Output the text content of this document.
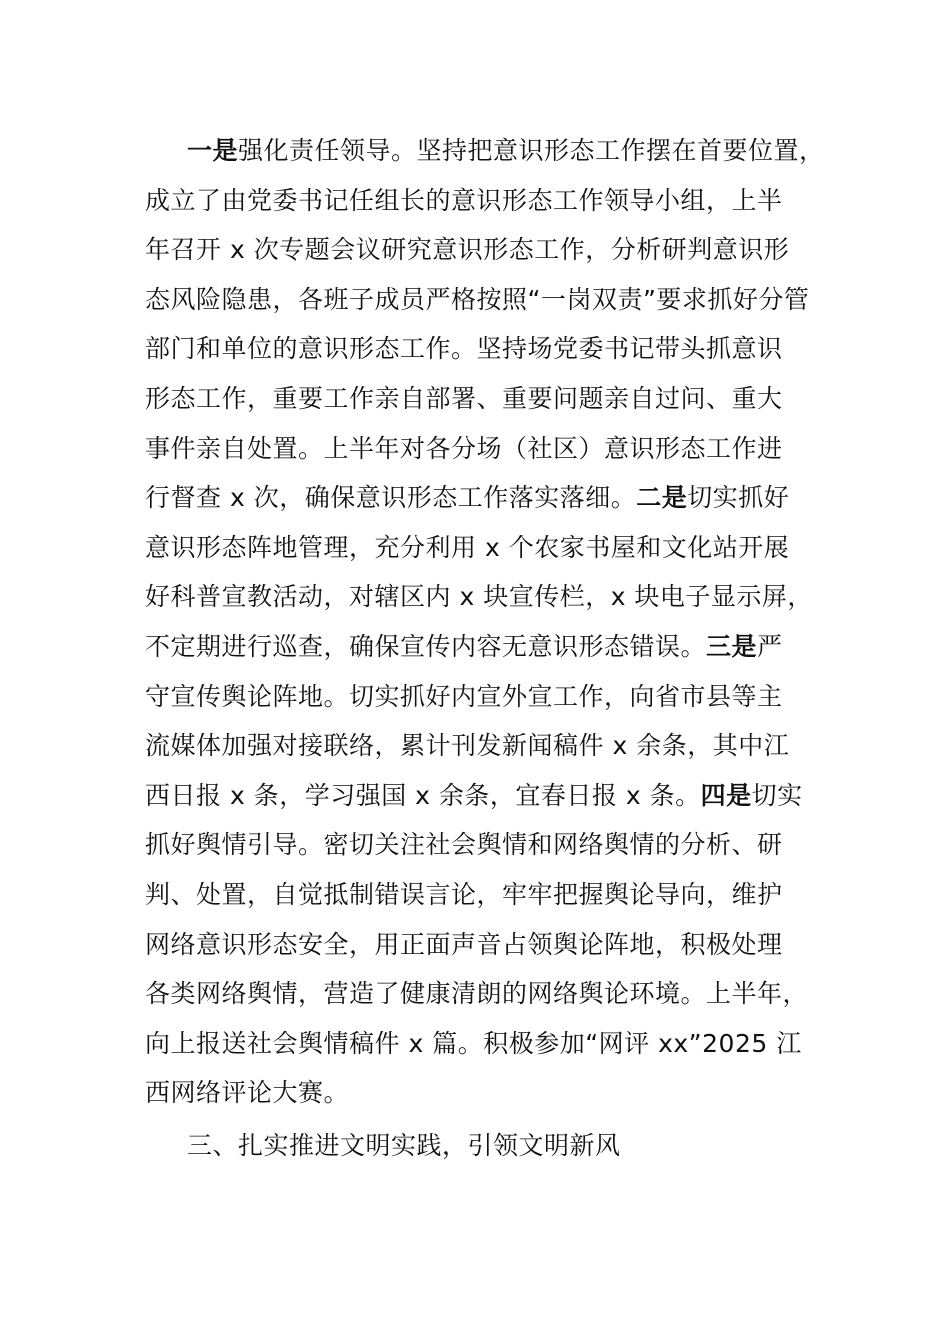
一是强化责任领导。坚持把意识形态工作摆在首要位置，
成立了由党委书记任组长的意识形态工作领导小组，上半
年召开 x 次专题会议研究意识形态工作，分析研判意识形
态风险隐患，各班子成员严格按照“一岗双责”要求抓好分管
部门和单位的意识形态工作。坚持场党委书记带头抓意识
形态工作，重要工作亲自部署、重要问题亲自过问、重大
事件亲自处置。上半年对各分场（社区）意识形态工作进
行督查 x 次，确保意识形态工作落实落细。二是切实抓好
意识形态阵地管理，充分利用 x 个农家书屋和文化站开展
好科普宣教活动，对辖区内 x 块宣传栏，x 块电子显示屏，
不定期进行巡查，确保宣传内容无意识形态错误。三是严
守宣传舆论阵地。切实抓好内宣外宣工作，向省市县等主
流媒体加强对接联络，累计刊发新闻稿件 x 余条，其中江
西日报 x 条，学习强国 x 余条，宜春日报 x 条。四是切实
抓好舆情引导。密切关注社会舆情和网络舆情的分析、研
判、处置，自觉抵制错误言论，牢牢把握舆论导向，维护
网络意识形态安全，用正面声音占领舆论阵地，积极处理
各类网络舆情，营造了健康清朗的网络舆论环境。上半年，
向上报送社会舆情稿件 x 篇。积极参加“网评 xx”2025 江
西网络评论大赛。
三、扎实推进文明实践，引领文明新风
